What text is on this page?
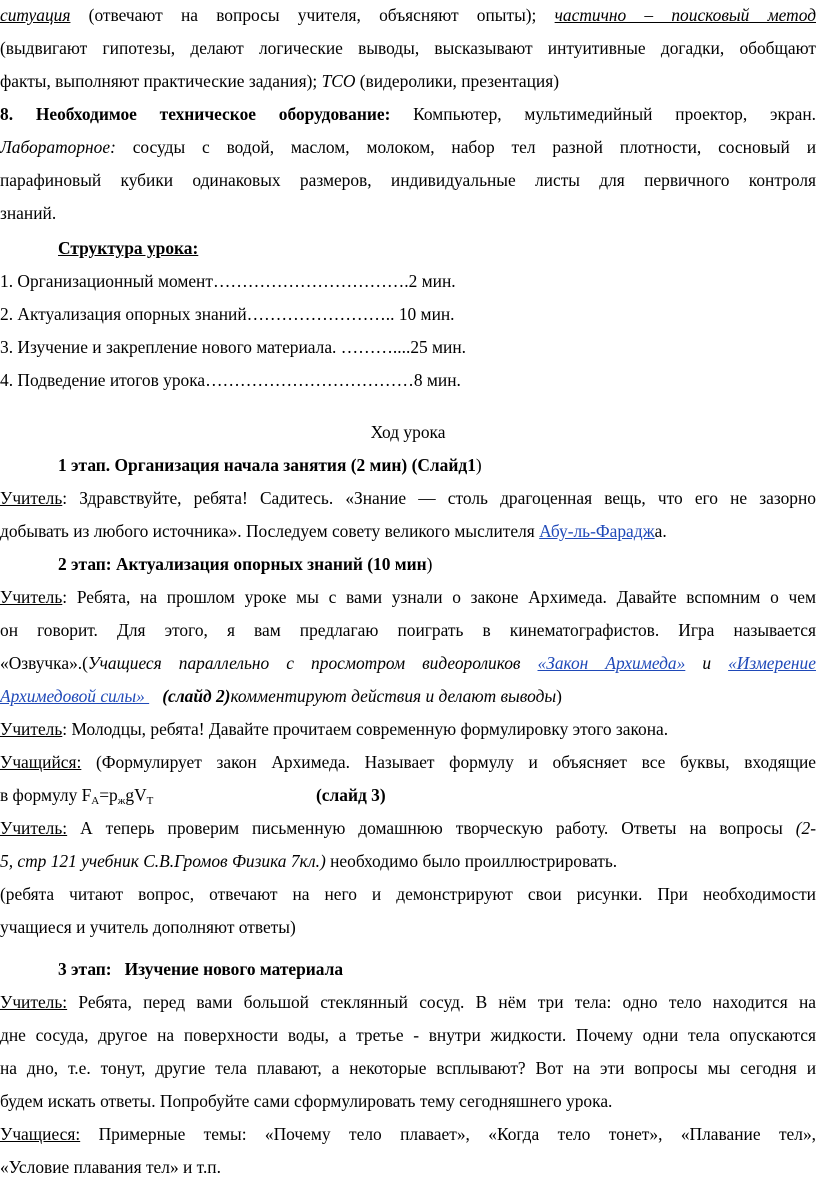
ситуация (отвечают на вопросы учителя, объясняют опыты); частично – поисковый метод
(выдвигают гипотезы, делают логические выводы, высказывают интуитивные догадки, обобщают
факты, выполняют практические задания); ТСО (видеролики, презентация)
8. Необходимое техническое оборудование: Компьютер, мультимедийный проектор, экран.
Лабораторное: сосуды с водой, маслом, молоком, набор тел разной плотности, сосновый и
парафиновый кубики одинаковых размеров, индивидуальные листы для первичного контроля
знаний.
Структура урока:
1. Организационный момент…………………………….2 мин.
2. Актуализация опорных знаний…………………….. 10 мин.
3. Изучение и закрепление нового материала. ………....25 мин.
4. Подведение итогов урока………………………………8 мин.
Ход урока
1 этап. Организация начала занятия (2 мин) (Слайд1)
Учитель: Здравствуйте, ребята! Садитесь. «Знание — столь драгоценная вещь, что его не зазорно
добывать из любого источника». Последуем совету великого мыслителя Абу-ль-Фараджа.
2 этап: Актуализация опорных знаний (10 мин)
Учитель: Ребята, на прошлом уроке мы с вами узнали о законе Архимеда. Давайте вспомним о чем
он говорит. Для этого, я вам предлагаю поиграть в кинематографистов. Игра называется
«Озвучка».(Учащиеся параллельно с просмотром видеороликов «Закон Архимеда» и «Измерение
Архимедовой силы»    (слайд 2)комментируют действия и делают выводы)
Учитель: Молодцы, ребята! Давайте прочитаем современную формулировку этого закона.
Учащийся: (Формулирует закон Архимеда. Называет формулу и объясняет все буквы, входящие
в формулу $F_A=p_жgV_T$	(слайд 3)
Учитель: А теперь проверим письменную домашнюю творческую работу. Ответы на вопросы (2-
5, стр 121 учебник С.В.Громов Физика 7кл.) необходимо было проиллюстрировать.
(ребята читают вопрос, отвечают на него и демонстрируют свои рисунки. При необходимости
учащиеся и учитель дополняют ответы)
3 этап:   Изучение нового материала
Учитель: Ребята, перед вами большой стеклянный сосуд. В нём три тела: одно тело находится на
дне сосуда, другое на поверхности воды, а третье - внутри жидкости. Почему одни тела опускаются
на дно, т.е. тонут, другие тела плавают, а некоторые всплывают? Вот на эти вопросы мы сегодня и
будем искать ответы. Попробуйте сами сформулировать тему сегодняшнего урока.
Учащиеся: Примерные темы: «Почему тело плавает», «Когда тело тонет», «Плавание тел»,
«Условие плавания тел» и т.п.
